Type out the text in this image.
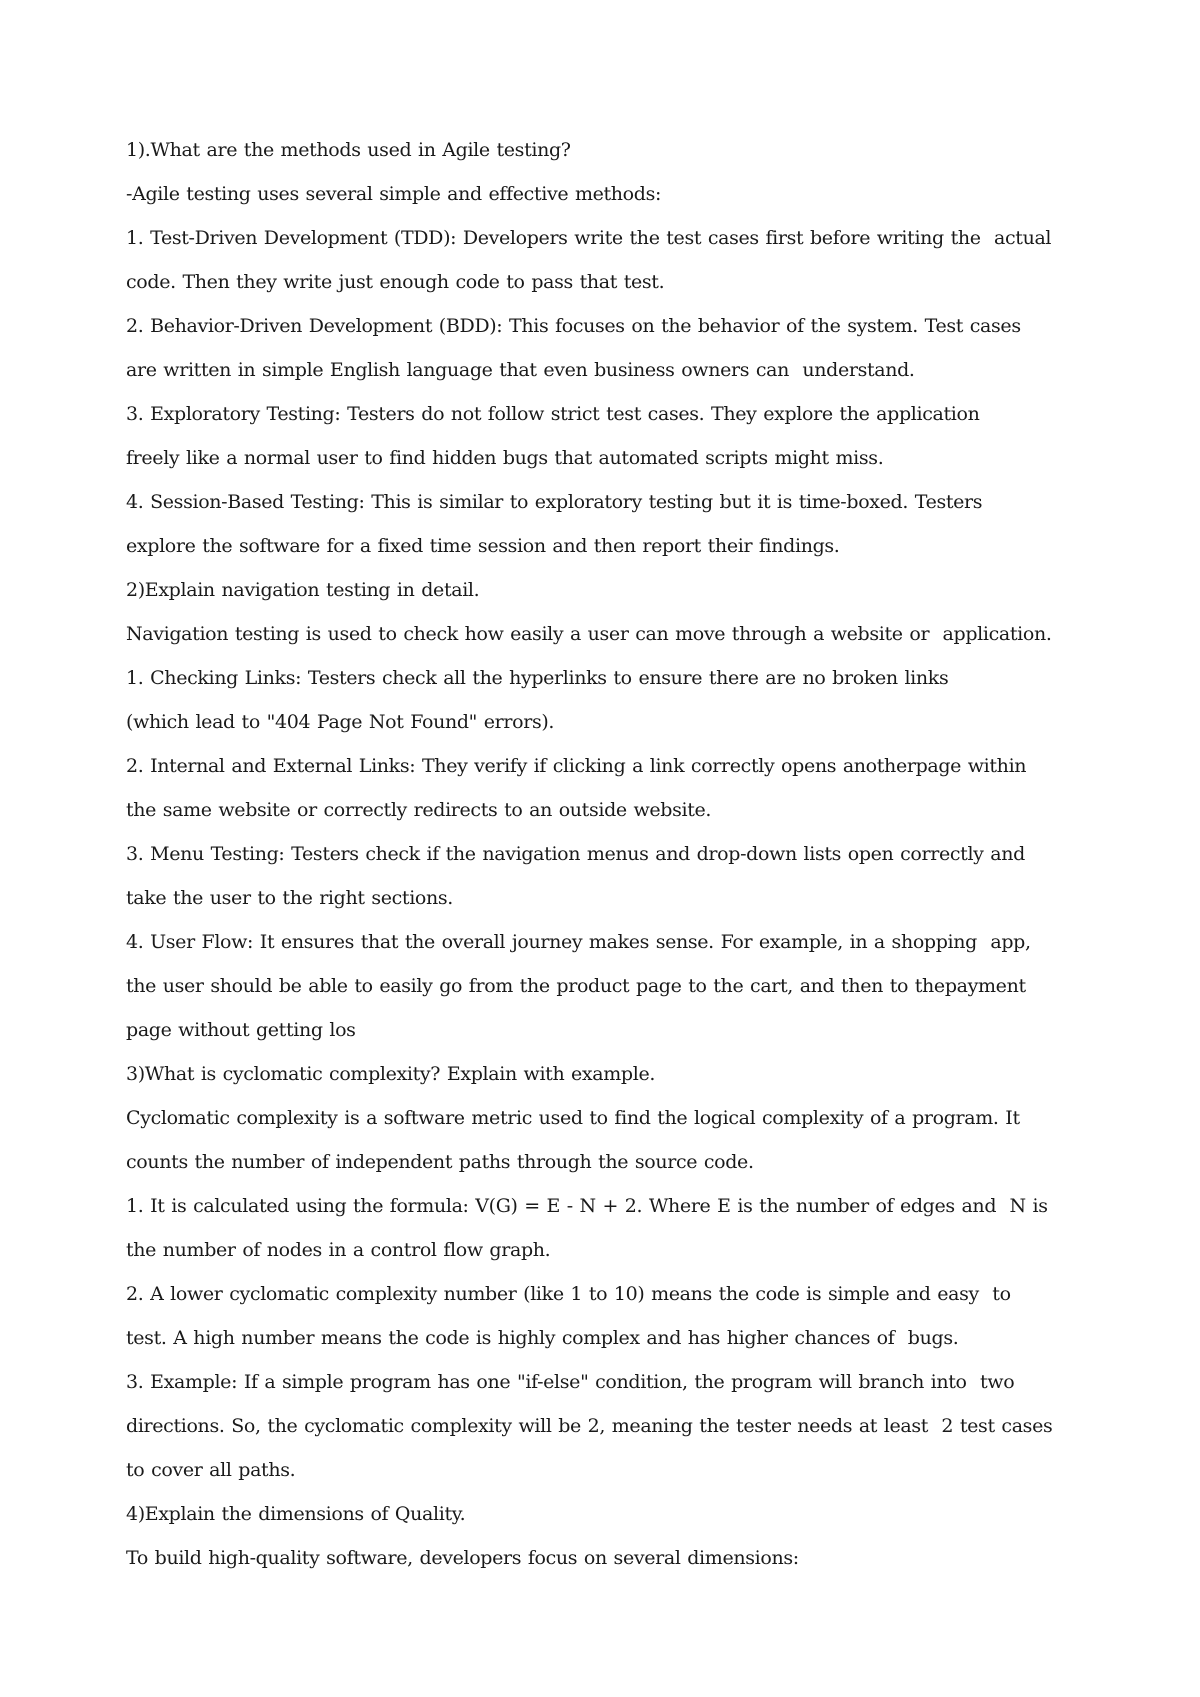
1).What are the methods used in Agile testing?
-Agile testing uses several simple and effective methods:
1. Test-Driven Development (TDD): Developers write the test cases first before writing the  actual
code. Then they write just enough code to pass that test.
2. Behavior-Driven Development (BDD): This focuses on the behavior of the system. Test cases
are written in simple English language that even business owners can  understand.
3. Exploratory Testing: Testers do not follow strict test cases. They explore the application
freely like a normal user to find hidden bugs that automated scripts might miss.
4. Session-Based Testing: This is similar to exploratory testing but it is time-boxed. Testers
explore the software for a fixed time session and then report their findings.
2)Explain navigation testing in detail.
Navigation testing is used to check how easily a user can move through a website or  application.
1. Checking Links: Testers check all the hyperlinks to ensure there are no broken links
(which lead to "404 Page Not Found" errors).
2. Internal and External Links: They verify if clicking a link correctly opens anotherpage within
the same website or correctly redirects to an outside website.
3. Menu Testing: Testers check if the navigation menus and drop-down lists open correctly and
take the user to the right sections.
4. User Flow: It ensures that the overall journey makes sense. For example, in a shopping  app,
the user should be able to easily go from the product page to the cart, and then to thepayment
page without getting los
3)What is cyclomatic complexity? Explain with example.
Cyclomatic complexity is a software metric used to find the logical complexity of a program. It
counts the number of independent paths through the source code.
1. It is calculated using the formula: V(G) = E - N + 2. Where E is the number of edges and  N is
the number of nodes in a control flow graph.
2. A lower cyclomatic complexity number (like 1 to 10) means the code is simple and easy  to
test. A high number means the code is highly complex and has higher chances of  bugs.
3. Example: If a simple program has one "if-else" condition, the program will branch into  two
directions. So, the cyclomatic complexity will be 2, meaning the tester needs at least  2 test cases
to cover all paths.
4)Explain the dimensions of Quality.
To build high-quality software, developers focus on several dimensions:
